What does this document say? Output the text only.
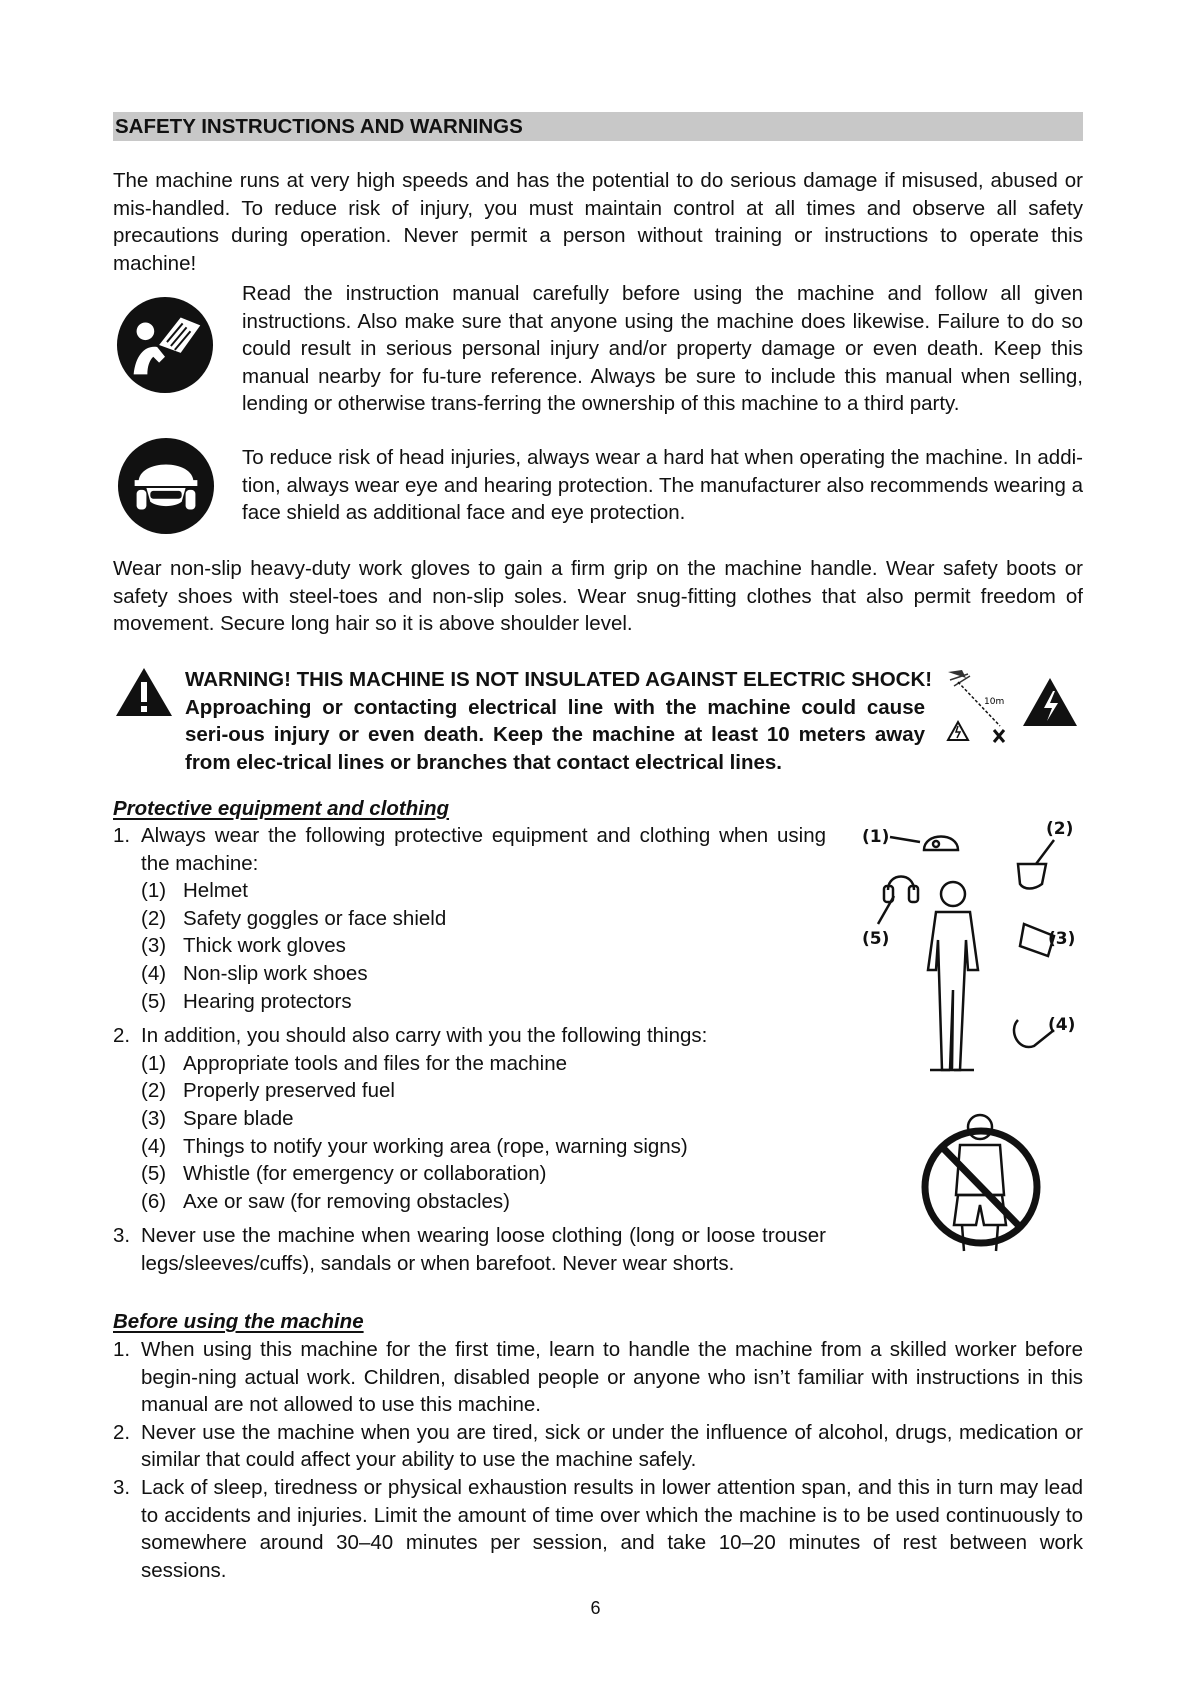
SAFETY INSTRUCTIONS AND WARNINGS
The machine runs at very high speeds and has the potential to do serious damage if misused, abused or mis-handled. To reduce risk of injury, you must maintain control at all times and observe all safety precautions during operation. Never permit a person without training or instructions to operate this machine!
Read the instruction manual carefully before using the machine and follow all given instructions. Also make sure that anyone using the machine does likewise. Failure to do so could result in serious personal injury and/or property damage or even death. Keep this manual nearby for fu-ture reference. Always be sure to include this manual when selling, lending or otherwise trans-ferring the ownership of this machine to a third party.
To reduce risk of head injuries, always wear a hard hat when operating the machine. In addi-tion, always wear eye and hearing protection. The manufacturer also recommends wearing a face shield as additional face and eye protection.
Wear non-slip heavy-duty work gloves to gain a firm grip on the machine handle. Wear safety boots or safety shoes with steel-toes and non-slip soles. Wear snug-fitting clothes that also permit freedom of movement. Secure long hair so it is above shoulder level.
WARNING! THIS MACHINE IS NOT INSULATED AGAINST ELECTRIC SHOCK!
Approaching or contacting electrical line with the machine could cause seri-ous injury or even death. Keep the machine at least 10 meters away from elec-trical lines or branches that contact electrical lines.
10m
Protective equipment and clothing
1. Always wear the following protective equipment and clothing when using the machine:
(1) Helmet
(2) Safety goggles or face shield
(3) Thick work gloves
(4) Non-slip work shoes
(5) Hearing protectors
2. In addition, you should also carry with you the following things:
(1) Appropriate tools and files for the machine
(2) Properly preserved fuel
(3) Spare blade
(4) Things to notify your working area (rope, warning signs)
(5) Whistle (for emergency or collaboration)
(6) Axe or saw (for removing obstacles)
3. Never use the machine when wearing loose clothing (long or loose trouser legs/sleeves/cuffs), sandals or when barefoot. Never wear shorts.
(1)	(2)
(3)
(4)
(5)
Before using the machine
1. When using this machine for the first time, learn to handle the machine from a skilled worker before begin-ning actual work. Children, disabled people or anyone who isn’t familiar with instructions in this manual are not allowed to use this machine.
2. Never use the machine when you are tired, sick or under the influence of alcohol, drugs, medication or similar that could affect your ability to use the machine safely.
3. Lack of sleep, tiredness or physical exhaustion results in lower attention span, and this in turn may lead to accidents and injuries. Limit the amount of time over which the machine is to be used continuously to somewhere around 30–40 minutes per session, and take 10–20 minutes of rest between work sessions.
6
